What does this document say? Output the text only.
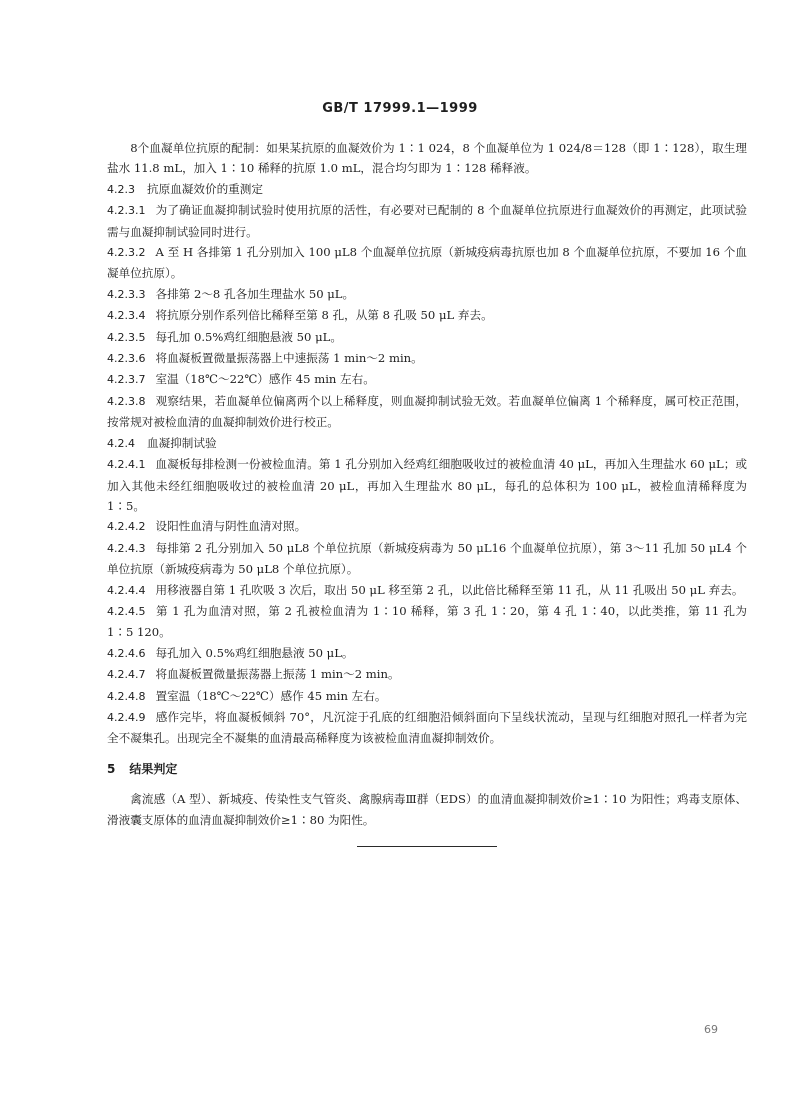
GB/T 17999.1—1999

8个血凝单位抗原的配制：如果某抗原的血凝效价为 1∶1 024，8 个血凝单位为 1 024/8＝128（即 1∶128），取生理盐水 11.8 mL，加入 1∶10 稀释的抗原 1.0 mL，混合均匀即为 1∶128 稀释液。

4.2.3 抗原血凝效价的重测定

4.2.3.1 为了确证血凝抑制试验时使用抗原的活性，有必要对已配制的 8 个血凝单位抗原进行血凝效价的再测定，此项试验需与血凝抑制试验同时进行。

4.2.3.2 A 至 H 各排第 1 孔分别加入 100 μL8 个血凝单位抗原（新城疫病毒抗原也加 8 个血凝单位抗原，不要加 16 个血凝单位抗原）。

4.2.3.3 各排第 2～8 孔各加生理盐水 50 μL。

4.2.3.4 将抗原分别作系列倍比稀释至第 8 孔，从第 8 孔吸 50 μL 弃去。

4.2.3.5 每孔加 0.5%鸡红细胞悬液 50 μL。

4.2.3.6 将血凝板置微量振荡器上中速振荡 1 min～2 min。

4.2.3.7 室温（18℃～22℃）感作 45 min 左右。

4.2.3.8 观察结果，若血凝单位偏离两个以上稀释度，则血凝抑制试验无效。若血凝单位偏离 1 个稀释度，属可校正范围，按常规对被检血清的血凝抑制效价进行校正。

4.2.4 血凝抑制试验

4.2.4.1 血凝板每排检测一份被检血清。第 1 孔分别加入经鸡红细胞吸收过的被检血清 40 μL，再加入生理盐水 60 μL；或加入其他未经红细胞吸收过的被检血清 20 μL，再加入生理盐水 80 μL，每孔的总体积为 100 μL，被检血清稀释度为 1∶5。

4.2.4.2 设阳性血清与阴性血清对照。

4.2.4.3 每排第 2 孔分别加入 50 μL8 个单位抗原（新城疫病毒为 50 μL16 个血凝单位抗原），第 3～11 孔加 50 μL4 个单位抗原（新城疫病毒为 50 μL8 个单位抗原）。

4.2.4.4 用移液器自第 1 孔吹吸 3 次后，取出 50 μL 移至第 2 孔，以此倍比稀释至第 11 孔，从 11 孔吸出 50 μL 弃去。

4.2.4.5 第 1 孔为血清对照，第 2 孔被检血清为 1∶10 稀释，第 3 孔 1∶20，第 4 孔 1∶40，以此类推，第 11 孔为 1∶5 120。

4.2.4.6 每孔加入 0.5%鸡红细胞悬液 50 μL。

4.2.4.7 将血凝板置微量振荡器上振荡 1 min～2 min。

4.2.4.8 置室温（18℃～22℃）感作 45 min 左右。

4.2.4.9 感作完毕，将血凝板倾斜 70°，凡沉淀于孔底的红细胞沿倾斜面向下呈线状流动，呈现与红细胞对照孔一样者为完全不凝集孔。出现完全不凝集的血清最高稀释度为该被检血清血凝抑制效价。

5 结果判定

禽流感（A 型）、新城疫、传染性支气管炎、禽腺病毒Ⅲ群（EDS）的血清血凝抑制效价≥1∶10 为阳性；鸡毒支原体、滑液囊支原体的血清血凝抑制效价≥1∶80 为阳性。

69
